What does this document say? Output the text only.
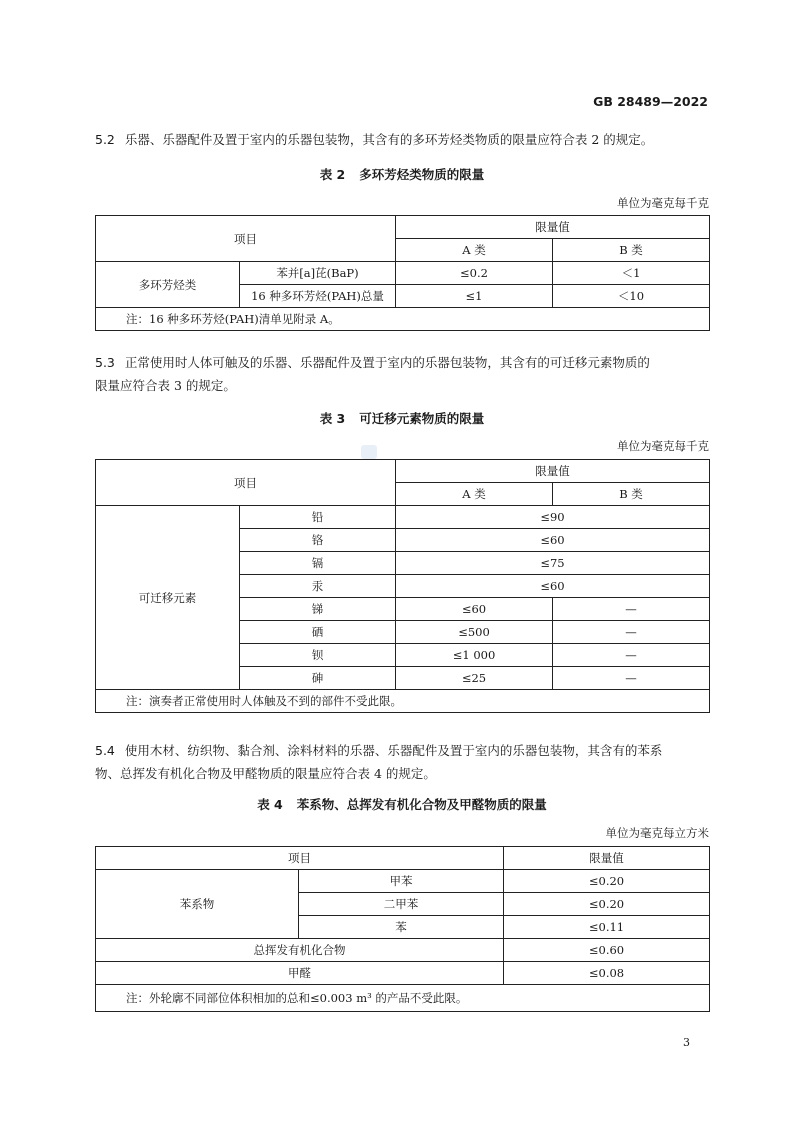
GB 28489—2022
5.2 乐器、乐器配件及置于室内的乐器包装物，其含有的多环芳烃类物质的限量应符合表 2 的规定。
表 2 多环芳烃类物质的限量
单位为毫克每千克
项目		限量值	
		A 类	B 类
多环芳烃类	苯并[a]芘(BaP)	≤0.2	＜1
	16 种多环芳烃(PAH)总量	≤1	＜10
注：16 种多环芳烃(PAH)清单见附录 A。			
5.3 正常使用时人体可触及的乐器、乐器配件及置于室内的乐器包装物，其含有的可迁移元素物质的
限量应符合表 3 的规定。
表 3 可迁移元素物质的限量
单位为毫克每千克
项目		限量值	
		A 类	B 类
可迁移元素	铅	≤90	
	铬	≤60	
	镉	≤75	
	汞	≤60	
	锑	≤60	—
	硒	≤500	—
	钡	≤1 000	—
	砷	≤25	—
注：演奏者正常使用时人体触及不到的部件不受此限。			
5.4 使用木材、纺织物、黏合剂、涂料材料的乐器、乐器配件及置于室内的乐器包装物，其含有的苯系
物、总挥发有机化合物及甲醛物质的限量应符合表 4 的规定。
表 4 苯系物、总挥发有机化合物及甲醛物质的限量
单位为毫克每立方米
项目		限量值
苯系物	甲苯	≤0.20
	二甲苯	≤0.20
	苯	≤0.11
总挥发有机化合物		≤0.60
甲醛		≤0.08
注：外轮廓不同部位体积相加的总和≤0.003 m³ 的产品不受此限。		
3
